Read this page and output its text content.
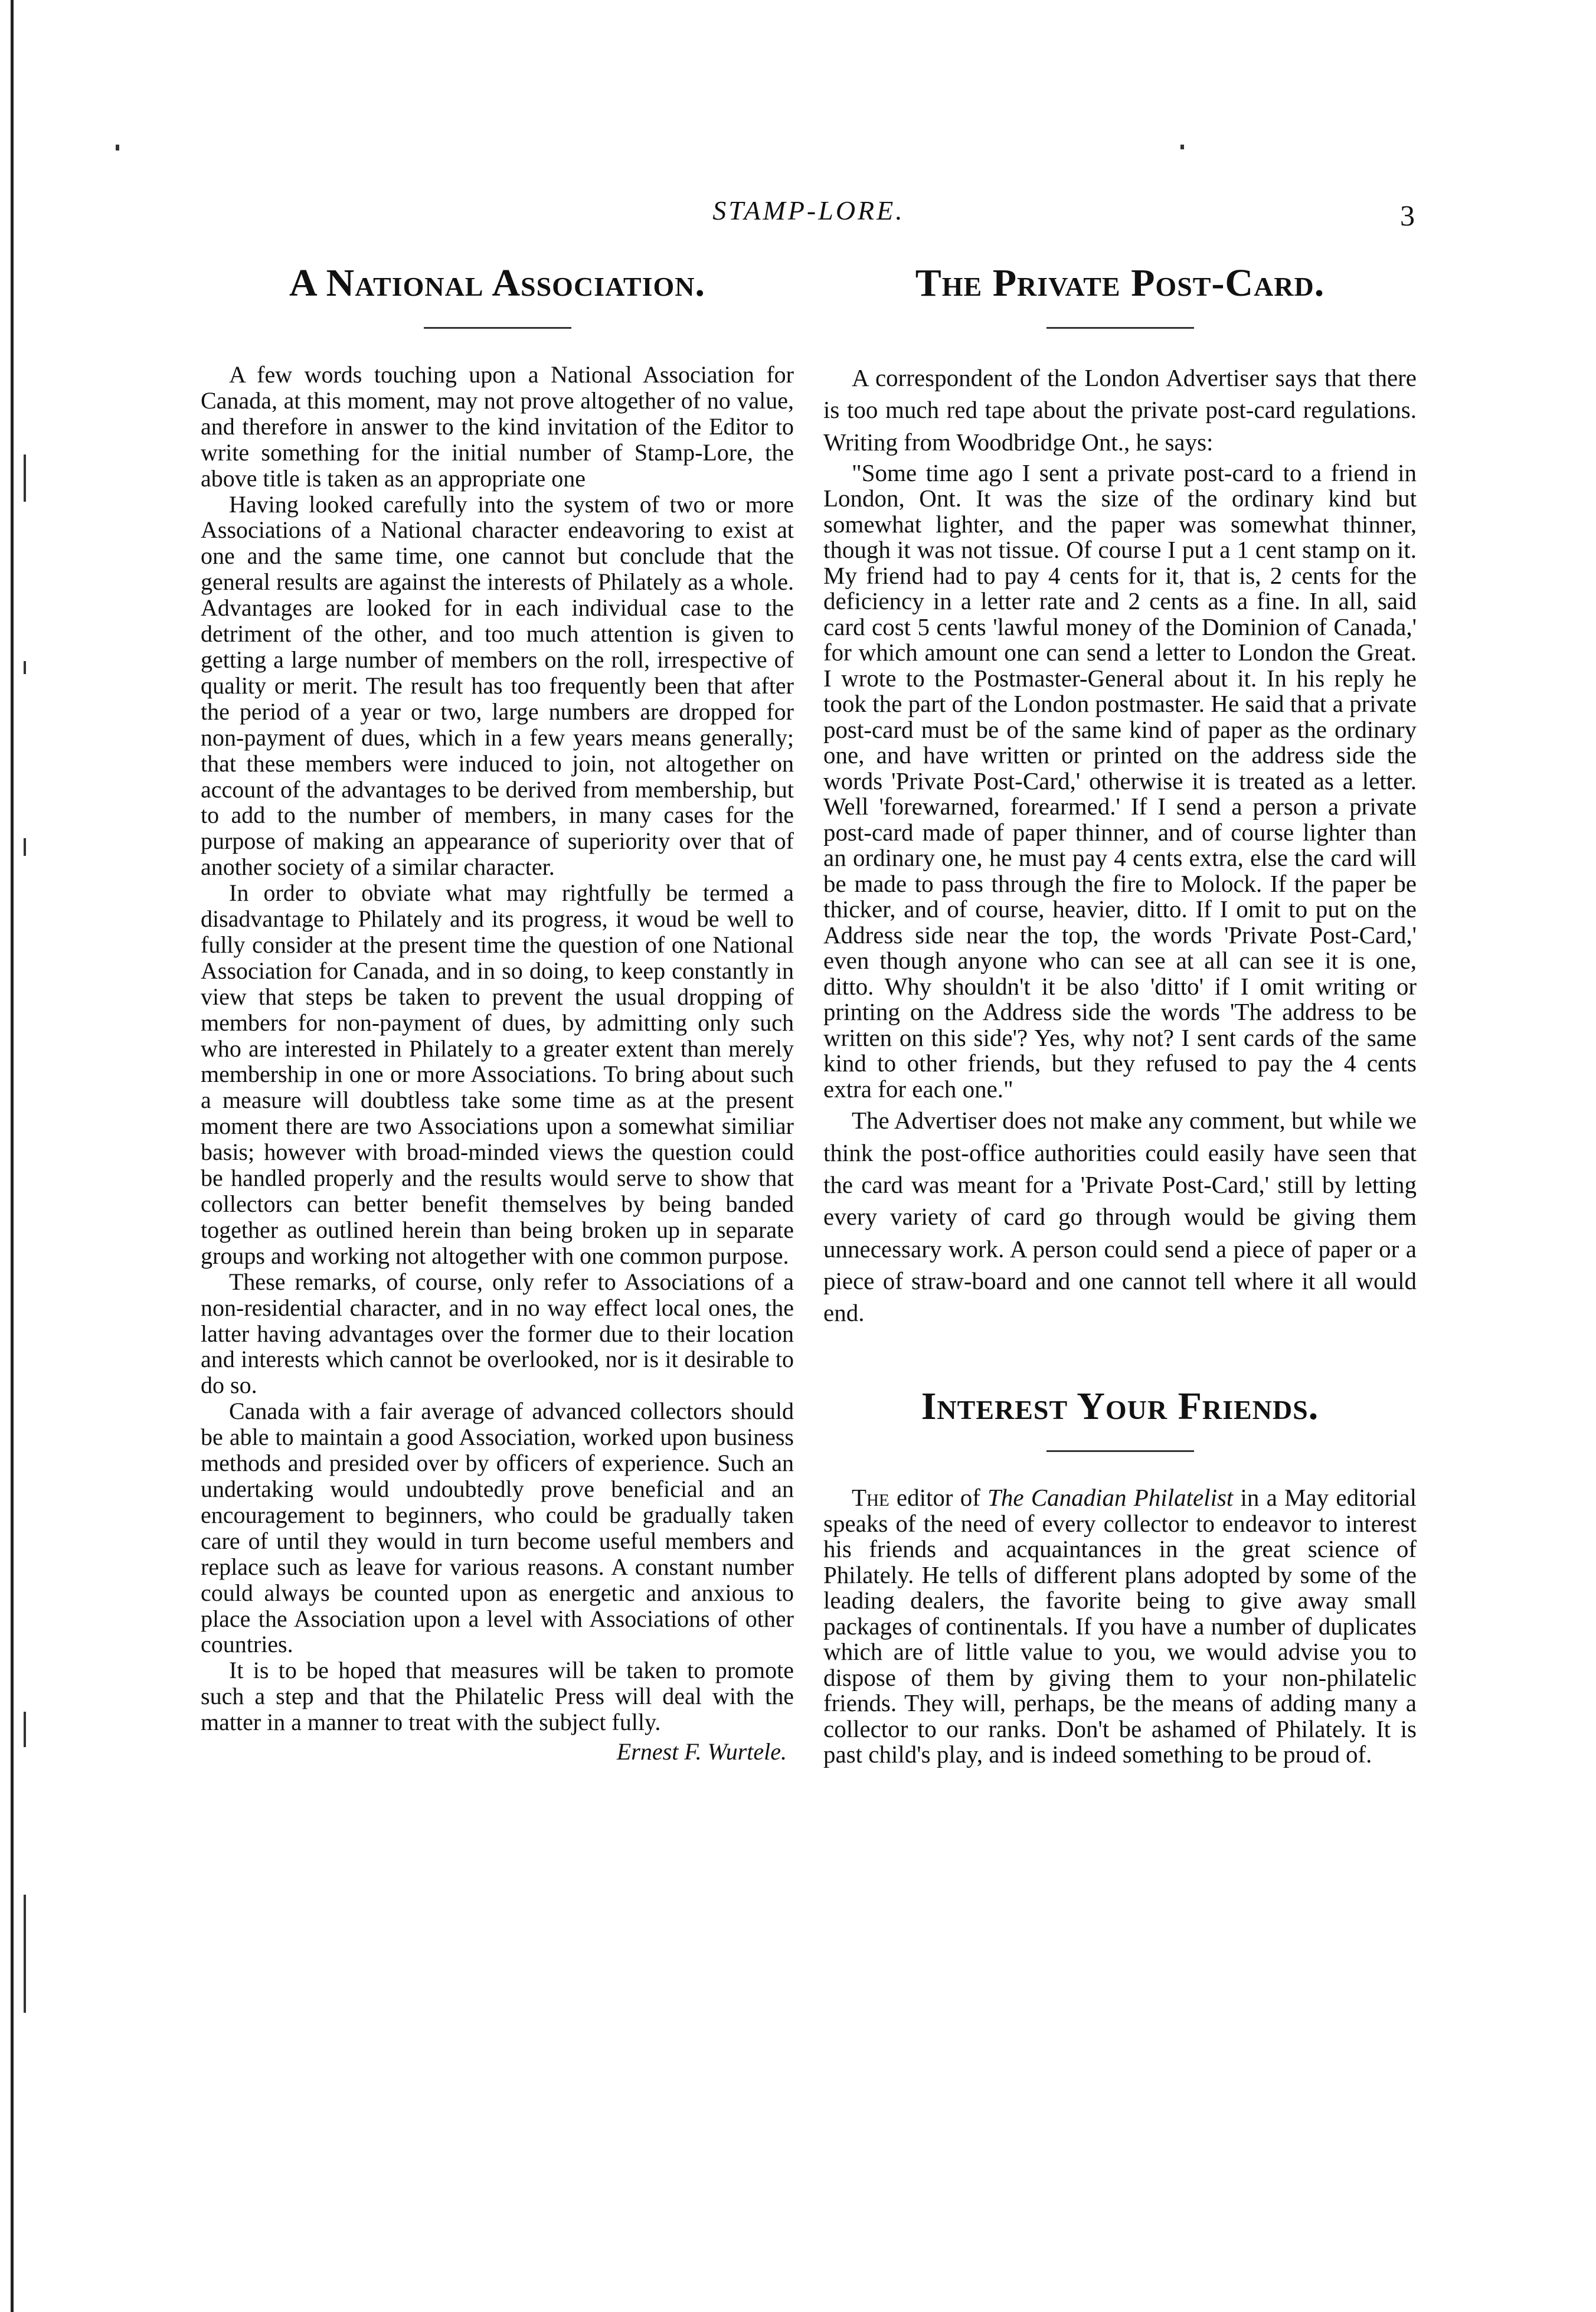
STAMP-LORE.	3
A National Association.

A few words touching upon a National Association for Canada, at this moment, may not prove altogether of no value, and therefore in answer to the kind invitation of the Editor to write something for the initial number of Stamp-Lore, the above title is taken as an appropriate one

Having looked carefully into the system of two or more Associations of a National character endeavoring to exist at one and the same time, one cannot but conclude that the general results are against the interests of Philately as a whole. Advantages are looked for in each individual case to the detriment of the other, and too much attention is given to getting a large number of members on the roll, irrespective of quality or merit. The result has too frequently been that after the period of a year or two, large numbers are dropped for non-payment of dues, which in a few years means generally; that these members were induced to join, not altogether on account of the advantages to be derived from membership, but to add to the number of members, in many cases for the purpose of making an appearance of superiority over that of another society of a similar character.

In order to obviate what may rightfully be termed a disadvantage to Philately and its progress, it woud be well to fully consider at the present time the question of one National Association for Canada, and in so doing, to keep constantly in view that steps be taken to prevent the usual dropping of members for non-payment of dues, by admitting only such who are interested in Philately to a greater extent than merely membership in one or more Associations. To bring about such a measure will doubtless take some time as at the present moment there are two Associations upon a somewhat similiar basis; however with broad-minded views the question could be handled properly and the results would serve to show that collectors can better benefit themselves by being banded together as outlined herein than being broken up in separate groups and working not altogether with one common purpose.

These remarks, of course, only refer to Associations of a non-residential character, and in no way effect local ones, the latter having advantages over the former due to their location and interests which cannot be overlooked, nor is it desirable to do so.

Canada with a fair average of advanced collectors should be able to maintain a good Association, worked upon business methods and presided over by officers of experience. Such an undertaking would undoubtedly prove beneficial and an encouragement to beginners, who could be gradually taken care of until they would in turn become useful members and replace such as leave for various reasons. A constant number could always be counted upon as energetic and anxious to place the Association upon a level with Associations of other countries.

It is to be hoped that measures will be taken to promote such a step and that the Philatelic Press will deal with the matter in a manner to treat with the subject fully.

Ernest F. Wurtele.
The Private Post-Card.

A correspondent of the London Advertiser says that there is too much red tape about the private post-card regulations. Writing from Woodbridge Ont., he says:

"Some time ago I sent a private post-card to a friend in London, Ont. It was the size of the ordinary kind but somewhat lighter, and the paper was somewhat thinner, though it was not tissue. Of course I put a 1 cent stamp on it. My friend had to pay 4 cents for it, that is, 2 cents for the deficiency in a letter rate and 2 cents as a fine. In all, said card cost 5 cents 'lawful money of the Dominion of Canada,' for which amount one can send a letter to London the Great. I wrote to the Postmaster-General about it. In his reply he took the part of the London postmaster. He said that a private post-card must be of the same kind of paper as the ordinary one, and have written or printed on the address side the words 'Private Post-Card,' otherwise it is treated as a letter. Well 'forewarned, forearmed.' If I send a person a private post-card made of paper thinner, and of course lighter than an ordinary one, he must pay 4 cents extra, else the card will be made to pass through the fire to Molock. If the paper be thicker, and of course, heavier, ditto. If I omit to put on the Address side near the top, the words 'Private Post-Card,' even though anyone who can see at all can see it is one, ditto. Why shouldn't it be also 'ditto' if I omit writing or printing on the Address side the words 'The address to be written on this side'? Yes, why not? I sent cards of the same kind to other friends, but they refused to pay the 4 cents extra for each one."

The Advertiser does not make any comment, but while we think the post-office authorities could easily have seen that the card was meant for a 'Private Post-Card,' still by letting every variety of card go through would be giving them unnecessary work. A person could send a piece of paper or a piece of straw-board and one cannot tell where it all would end.

Interest Your Friends.

The editor of The Canadian Philatelist in a May editorial speaks of the need of every collector to endeavor to interest his friends and acquaintances in the great science of Philately. He tells of different plans adopted by some of the leading dealers, the favorite being to give away small packages of continentals. If you have a number of duplicates which are of little value to you, we would advise you to dispose of them by giving them to your non-philatelic friends. They will, perhaps, be the means of adding many a collector to our ranks. Don't be ashamed of Philately. It is past child's play, and is indeed something to be proud of.
